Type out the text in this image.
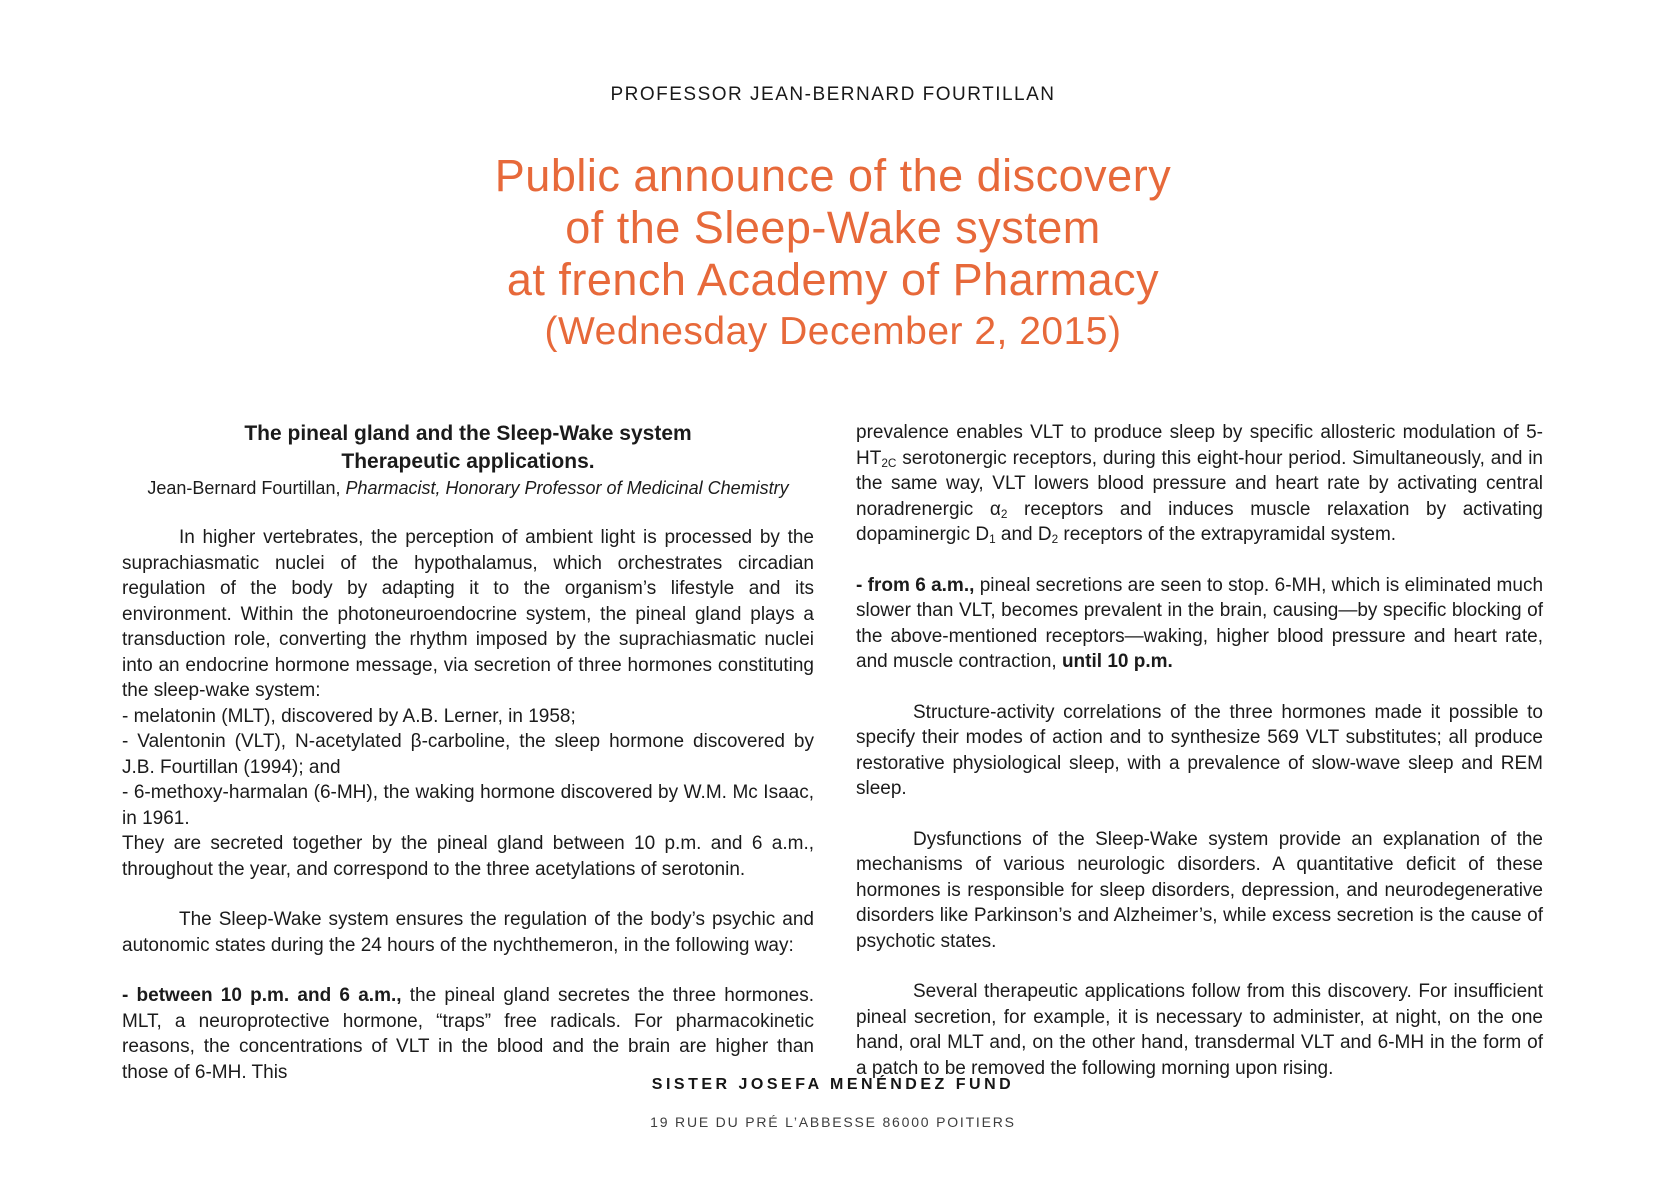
PROFESSOR JEAN-BERNARD FOURTILLAN
Public announce of the discovery
of the Sleep-Wake system
at french Academy of Pharmacy
(Wednesday December 2, 2015)

The pineal gland and the Sleep-Wake system

Therapeutic applications.

Jean-Bernard Fourtillan, Pharmacist, Honorary Professor of Medicinal Chemistry

In higher vertebrates, the perception of ambient light is processed by the suprachiasmatic nuclei of the hypothalamus, which orchestrates circadian regulation of the body by adapting it to the organism’s lifestyle and its environment. Within the photoneuroendocrine system, the pineal gland plays a transduction role, converting the rhythm imposed by the suprachiasmatic nuclei into an endocrine hormone message, via secretion of three hormones constituting the sleep-wake system:

- melatonin (MLT), discovered by A.B. Lerner, in 1958;

- Valentonin (VLT), N-acetylated β-carboline, the sleep hormone discovered by J.B. Fourtillan (1994); and

- 6-methoxy-harmalan (6-MH), the waking hormone discovered by W.M. Mc Isaac, in 1961.

They are secreted together by the pineal gland between 10 p.m. and 6 a.m., throughout the year, and correspond to the three acetylations of serotonin.

The Sleep-Wake system ensures the regulation of the body’s psychic and autonomic states during the 24 hours of the nychthemeron, in the following way:

- between 10 p.m. and 6 a.m., the pineal gland secretes the three hormones. MLT, a neuroprotective hormone, “traps” free radicals. For pharmacokinetic reasons, the concentrations of VLT in the blood and the brain are higher than those of 6-MH. This

prevalence enables VLT to produce sleep by specific allosteric modulation of $5-HT_{2C}$ serotonergic receptors, during this eight-hour period. Simultaneously, and in the same way, VLT lowers blood pressure and heart rate by activating central noradrenergic $\alpha_2$ receptors and induces muscle relaxation by activating dopaminergic $D_1$ and $D_2$ receptors of the extrapyramidal system.

- from 6 a.m., pineal secretions are seen to stop. 6-MH, which is eliminated much slower than VLT, becomes prevalent in the brain, causing—by specific blocking of the above-mentioned receptors—waking, higher blood pressure and heart rate, and muscle contraction, until 10 p.m.

Structure-activity correlations of the three hormones made it possible to specify their modes of action and to synthesize 569 VLT substitutes; all produce restorative physiological sleep, with a prevalence of slow-wave sleep and REM sleep.

Dysfunctions of the Sleep-Wake system provide an explanation of the mechanisms of various neurologic disorders. A quantitative deficit of these hormones is responsible for sleep disorders, depression, and neurodegenerative disorders like Parkinson’s and Alzheimer’s, while excess secretion is the cause of psychotic states.

Several therapeutic applications follow from this discovery. For insufficient pineal secretion, for example, it is necessary to administer, at night, on the one hand, oral MLT and, on the other hand, transdermal VLT and 6-MH in the form of a patch to be removed the following morning upon rising.

SISTER JOSEFA MENÉNDEZ FUND
19 RUE DU PRÉ L’ABBESSE 86000 POITIERS
